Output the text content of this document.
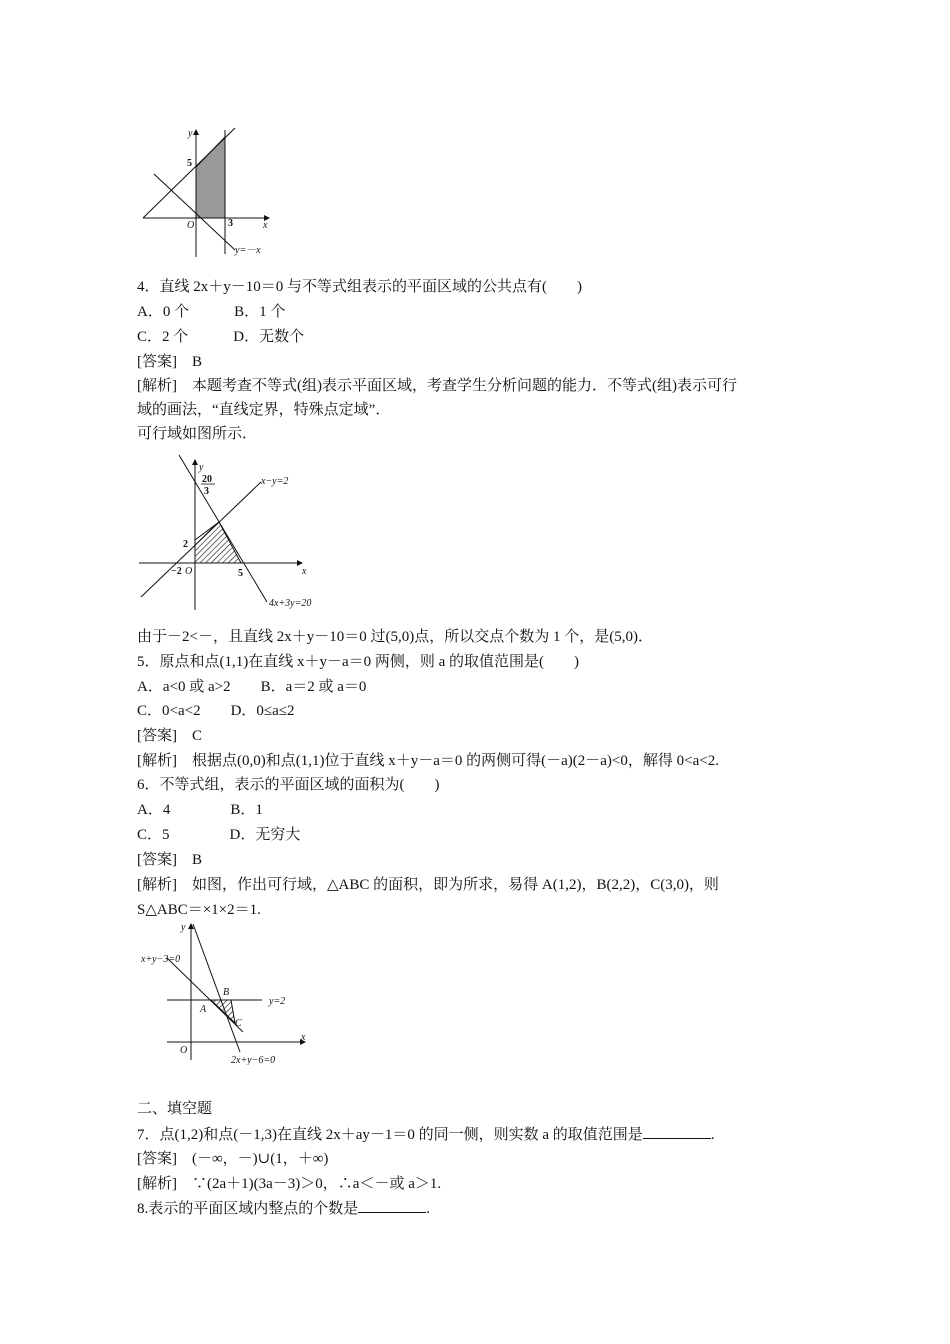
y
5
O	3	x
y=－x
4．直线 2x＋y－10＝0 与不等式组表示的平面区域的公共点有(　　)
A．0 个　　　B．1 个
C．2 个　　　D．无数个
[答案]　B
[解析]　本题考查不等式(组)表示平面区域，考查学生分析问题的能力．不等式(组)表示可行
域的画法，“直线定界，特殊点定域”．
可行域如图所示．
y
20
3
x−y=2
2
−2 O	5	x
4x+3y=20
由于－2<－，且直线 2x＋y－10＝0 过(5,0)点，所以交点个数为 1 个，是(5,0)．
5．原点和点(1,1)在直线 x＋y－a＝0 两侧，则 a 的取值范围是(　　)
A．a<0 或 a>2　　B．a＝2 或 a＝0
C．0<a<2　　D．0≤a≤2
[答案]　C
[解析]　根据点(0,0)和点(1,1)位于直线 x＋y－a＝0 的两侧可得(－a)(2－a)<0，解得 0<a<2.
6．不等式组，表示的平面区域的面积为(　　)
A．4　　　　B．1
C．5　　　　D．无穷大
[答案]　B
[解析]　如图，作出可行域，△ABC 的面积，即为所求，易得 A(1,2)，B(2,2)，C(3,0)，则
S△ABC＝×1×2＝1.
y
x+y−3=0
B
y=2
A
C
O
x
2x+y−6=0
二、填空题
7．点(1,2)和点(－1,3)在直线 2x＋ay－1＝0 的同一侧，则实数 a 的取值范围是	.
[答案]　(－∞，－)∪(1，＋∞)
[解析]　∵(2a＋1)(3a－3)＞0，∴a＜－或 a＞1.
8.表示的平面区域内整点的个数是	.
